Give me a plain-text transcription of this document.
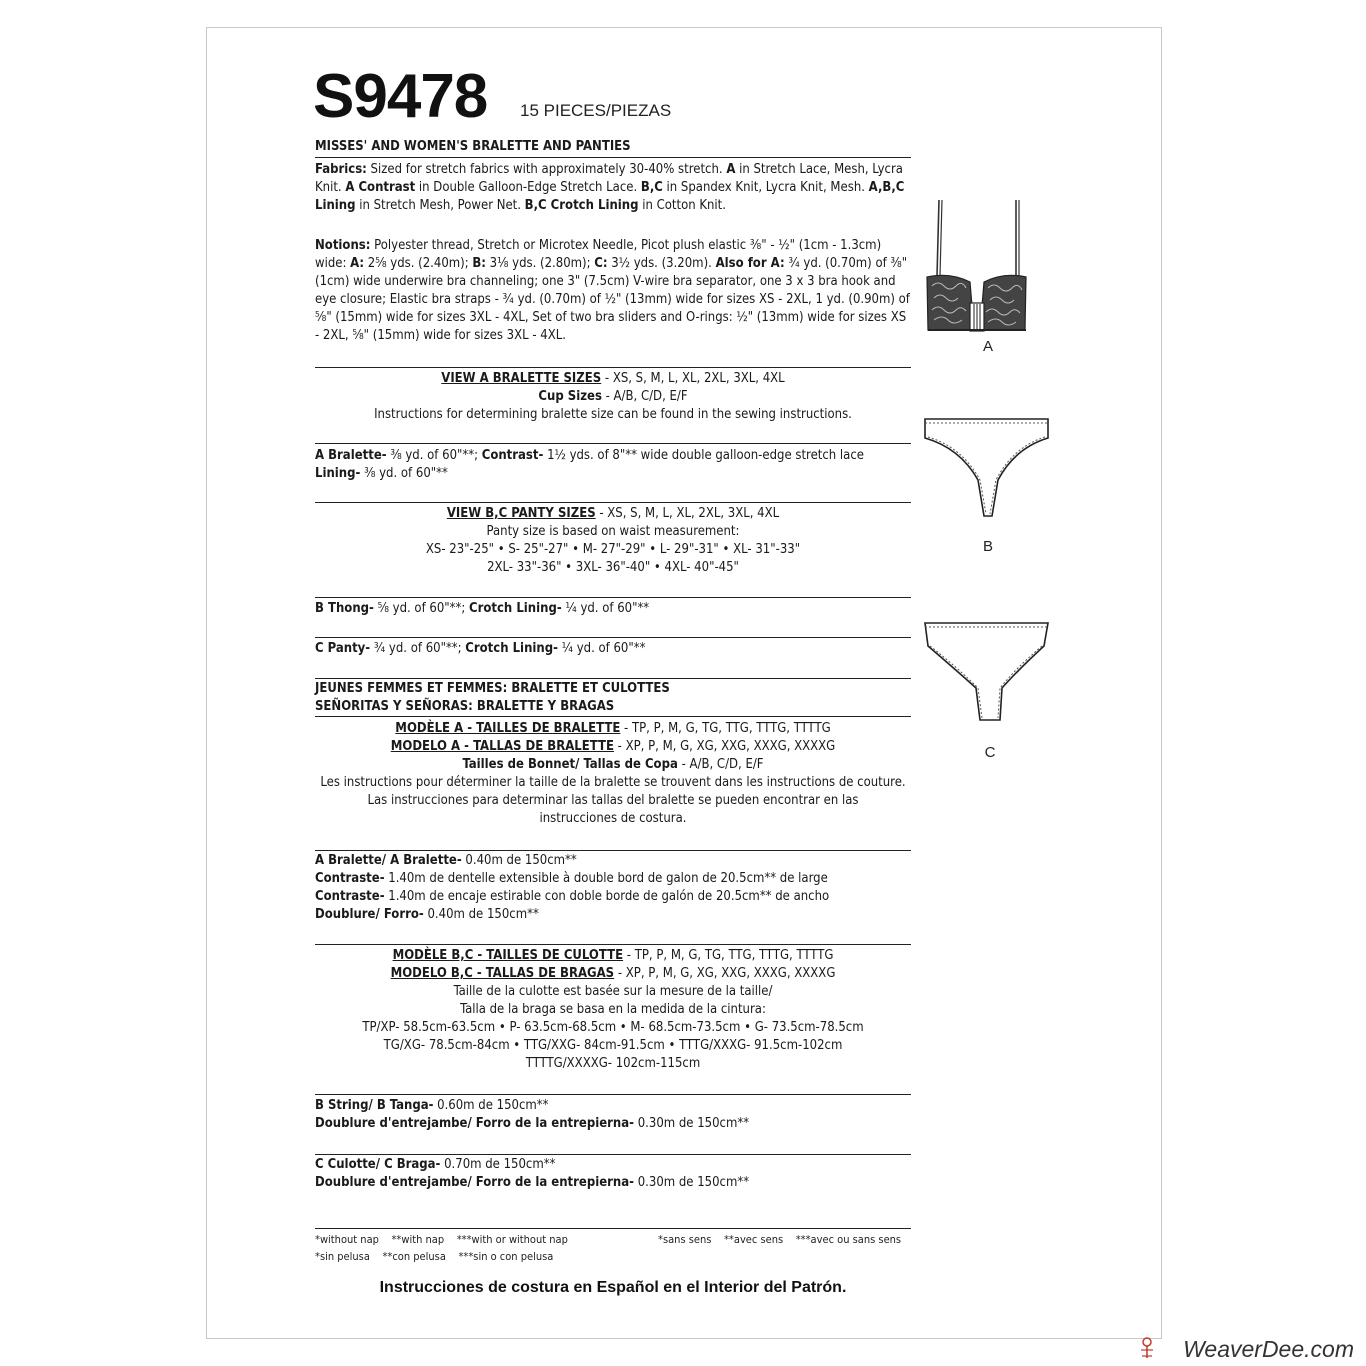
S9478 15 PIECES/PIEZAS
MISSES' AND WOMEN'S BRALETTE AND PANTIES
Fabrics: Sized for stretch fabrics with approximately 30-40% stretch. A in Stretch Lace, Mesh, Lycra Knit. A Contrast in Double Galloon-Edge Stretch Lace. B,C in Spandex Knit, Lycra Knit, Mesh. A,B,C Lining in Stretch Mesh, Power Net. B,C Crotch Lining in Cotton Knit.
Notions: Polyester thread, Stretch or Microtex Needle, Picot plush elastic ⅜" - ½" (1cm - 1.3cm) wide: A: 2⅝ yds. (2.40m); B: 3⅛ yds. (2.80m); C: 3½ yds. (3.20m). Also for A: ¾ yd. (0.70m) of ⅜" (1cm) wide underwire bra channeling; one 3" (7.5cm) V-wire bra separator, one 3 x 3 bra hook and eye closure; Elastic bra straps - ¾ yd. (0.70m) of ½" (13mm) wide for sizes XS - 2XL, 1 yd. (0.90m) of ⅝" (15mm) wide for sizes 3XL - 4XL, Set of two bra sliders and O-rings: ½" (13mm) wide for sizes XS - 2XL, ⅝" (15mm) wide for sizes 3XL - 4XL.
VIEW A BRALETTE SIZES - XS, S, M, L, XL, 2XL, 3XL, 4XL
Cup Sizes - A/B, C/D, E/F
Instructions for determining bralette size can be found in the sewing instructions.
A Bralette- ⅜ yd. of 60"**; Contrast- 1½ yds. of 8"** wide double galloon-edge stretch lace
Lining- ⅜ yd. of 60"**
VIEW B,C PANTY SIZES - XS, S, M, L, XL, 2XL, 3XL, 4XL
Panty size is based on waist measurement:
XS- 23"-25" • S- 25"-27" • M- 27"-29" • L- 29"-31" • XL- 31"-33"
2XL- 33"-36" • 3XL- 36"-40" • 4XL- 40"-45"
B Thong- ⅝ yd. of 60"**; Crotch Lining- ¼ yd. of 60"**
C Panty- ¾ yd. of 60"**; Crotch Lining- ¼ yd. of 60"**
JEUNES FEMMES ET FEMMES: BRALETTE ET CULOTTES
SEÑORITAS Y SEÑORAS: BRALETTE Y BRAGAS
MODÈLE A - TAILLES DE BRALETTE - TP, P, M, G, TG, TTG, TTTG, TTTTG
MODELO A - TALLAS DE BRALETTE - XP, P, M, G, XG, XXG, XXXG, XXXXG
Tailles de Bonnet/ Tallas de Copa - A/B, C/D, E/F
Les instructions pour déterminer la taille de la bralette se trouvent dans les instructions de couture.
Las instrucciones para determinar las tallas del bralette se pueden encontrar en las
instrucciones de costura.
A Bralette/ A Bralette- 0.40m de 150cm**
Contraste- 1.40m de dentelle extensible à double bord de galon de 20.5cm** de large
Contraste- 1.40m de encaje estirable con doble borde de galón de 20.5cm** de ancho
Doublure/ Forro- 0.40m de 150cm**
MODÈLE B,C - TAILLES DE CULOTTE - TP, P, M, G, TG, TTG, TTTG, TTTTG
MODELO B,C - TALLAS DE BRAGAS - XP, P, M, G, XG, XXG, XXXG, XXXXG
Taille de la culotte est basée sur la mesure de la taille/
Talla de la braga se basa en la medida de la cintura:
TP/XP- 58.5cm-63.5cm • P- 63.5cm-68.5cm • M- 68.5cm-73.5cm • G- 73.5cm-78.5cm
TG/XG- 78.5cm-84cm • TTG/XXG- 84cm-91.5cm • TTTG/XXXG- 91.5cm-102cm
TTTTG/XXXXG- 102cm-115cm
B String/ B Tanga- 0.60m de 150cm**
Doublure d'entrejambe/ Forro de la entrepierna- 0.30m de 150cm**
C Culotte/ C Braga- 0.70m de 150cm**
Doublure d'entrejambe/ Forro de la entrepierna- 0.30m de 150cm**
*without nap    **with nap    ***with or without nap
*sin pelusa    **con pelusa    ***sin o con pelusa
*sans sens    **avec sens    ***avec ou sans sens
Instrucciones de costura en Español en el Interior del Patrón.
A
B
C
WeaverDee.com
